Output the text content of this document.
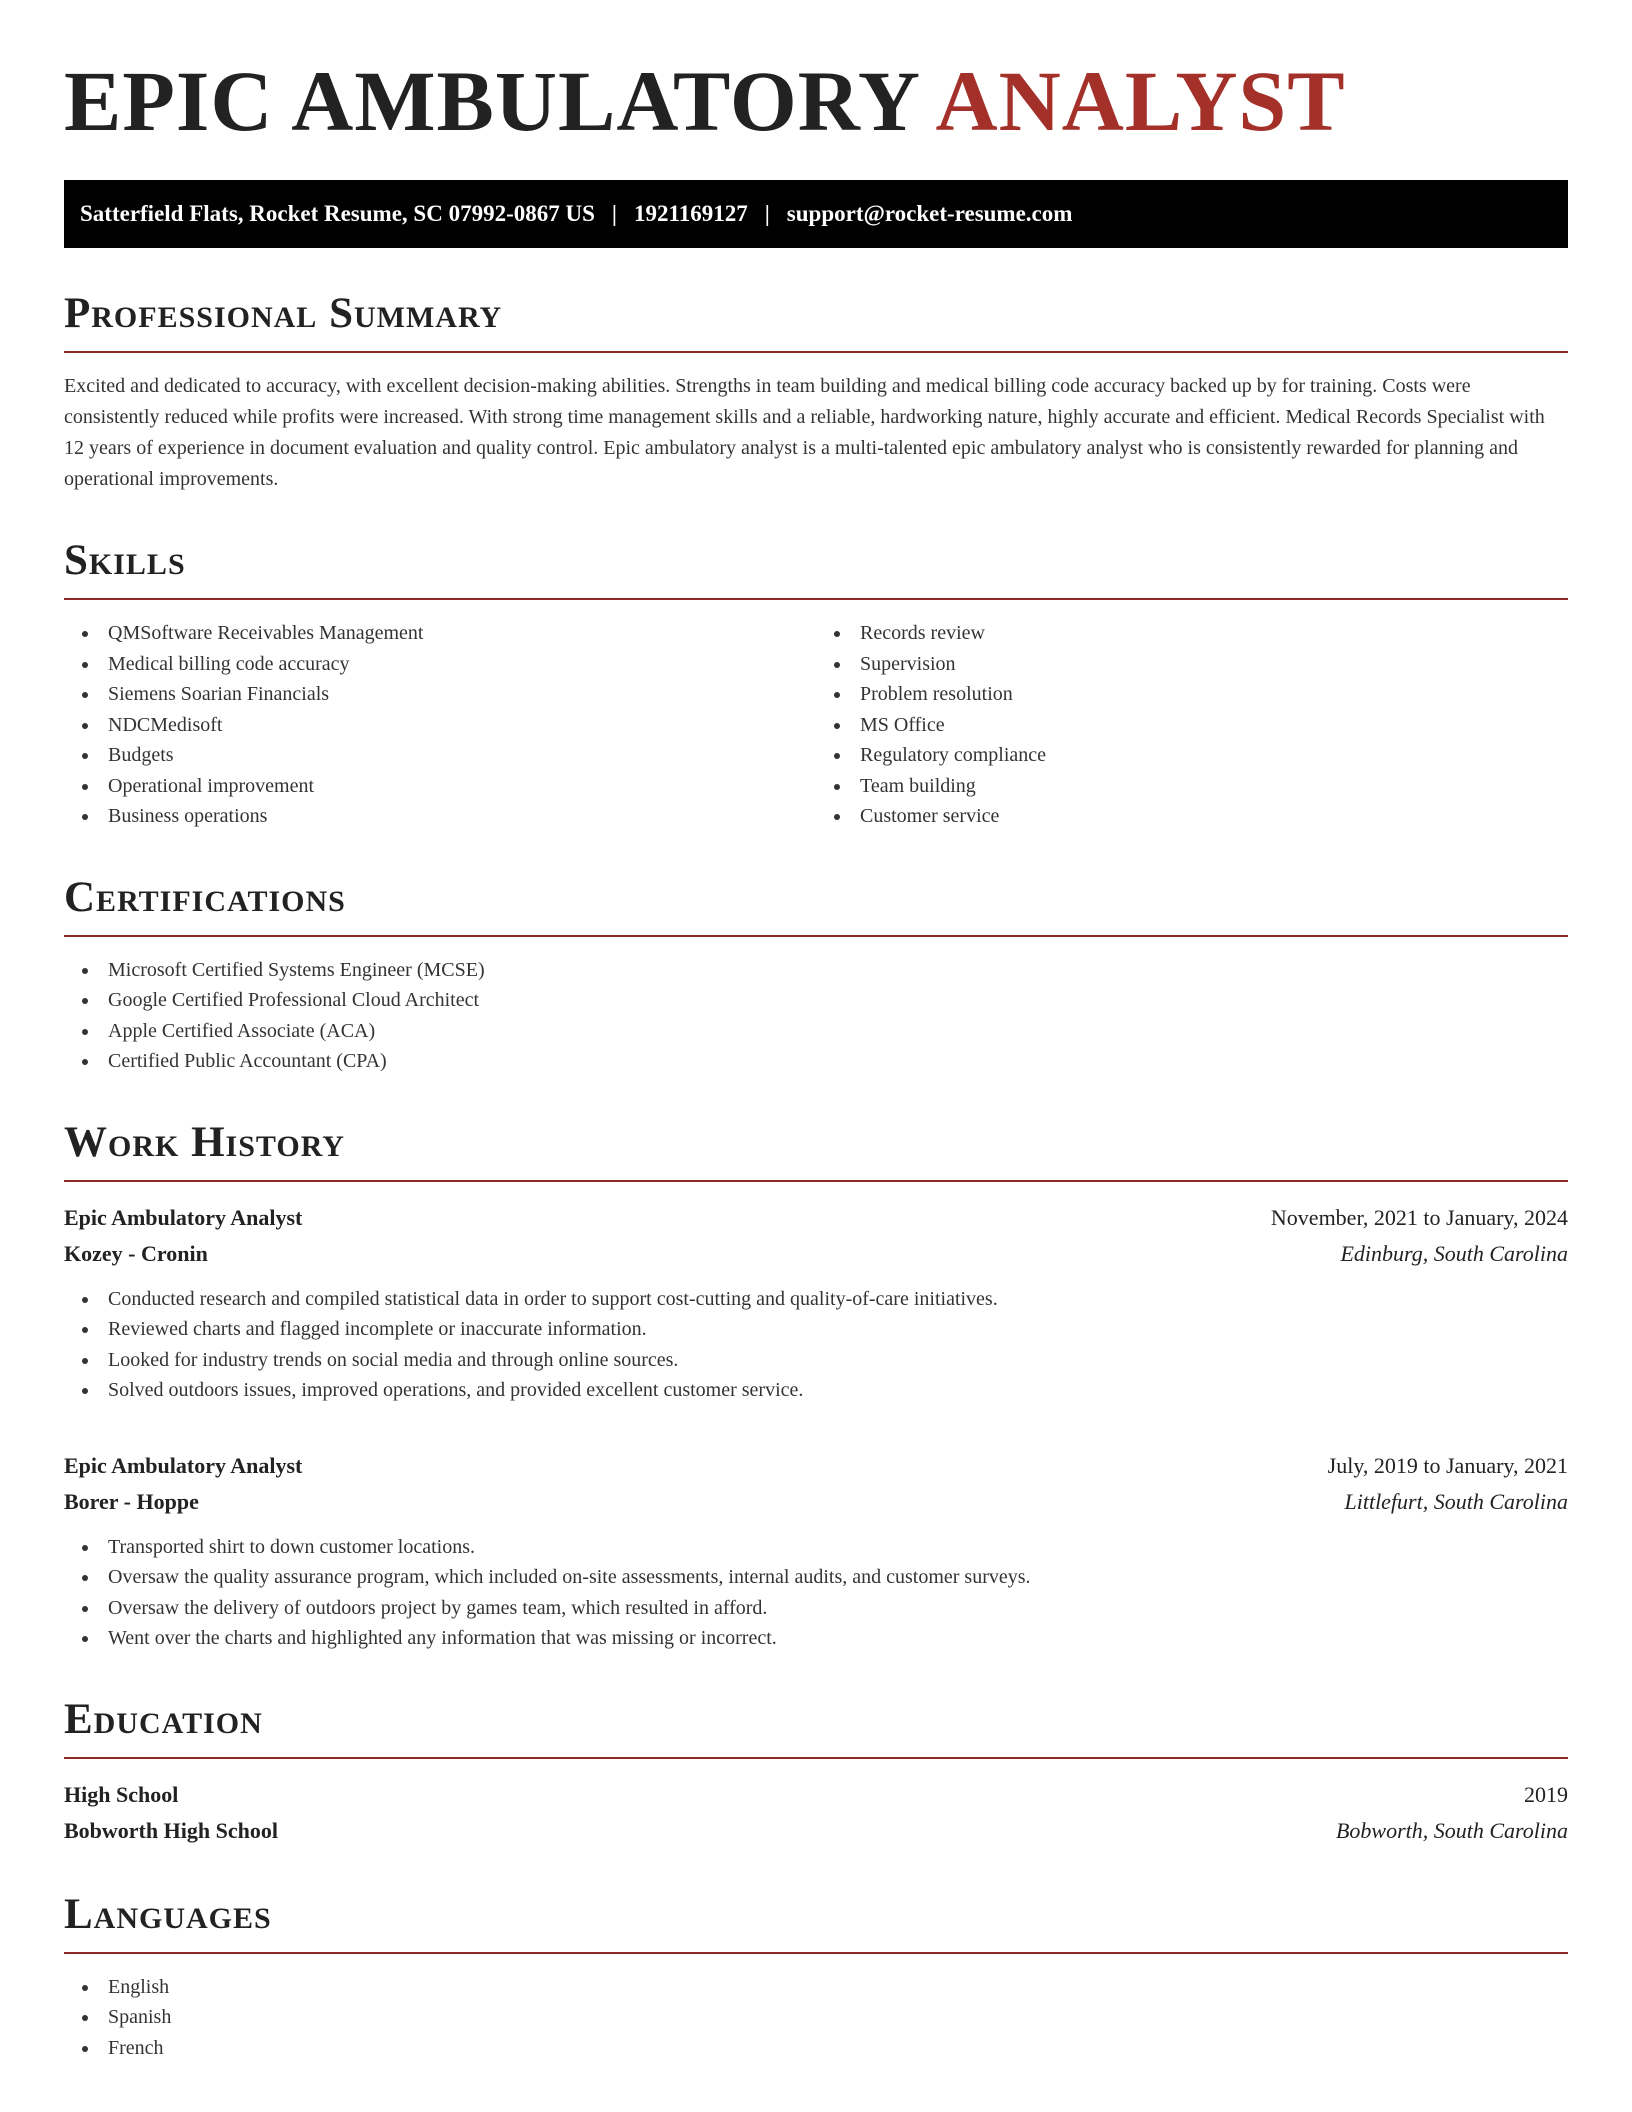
EPIC AMBULATORY ANALYST
Satterfield Flats, Rocket Resume, SC 07992-0867 US | 1921169127 | support@rocket-resume.com
Professional Summary

Excited and dedicated to accuracy, with excellent decision-making abilities. Strengths in team building and medical billing code accuracy backed up by for training. Costs were consistently reduced while profits were increased. With strong time management skills and a reliable, hardworking nature, highly accurate and efficient. Medical Records Specialist with 12 years of experience in document evaluation and quality control. Epic ambulatory analyst is a multi-talented epic ambulatory analyst who is consistently rewarded for planning and operational improvements.

Skills
QMSoftware Receivables Management
Medical billing code accuracy
Siemens Soarian Financials
NDCMedisoft
Budgets
Operational improvement
Business operations
Records review
Supervision
Problem resolution
MS Office
Regulatory compliance
Team building
Customer service
Certifications
Microsoft Certified Systems Engineer (MCSE)
Google Certified Professional Cloud Architect
Apple Certified Associate (ACA)
Certified Public Accountant (CPA)
Work History
Epic Ambulatory Analyst	November, 2021 to January, 2024
Kozey - Cronin	Edinburg, South Carolina
Conducted research and compiled statistical data in order to support cost-cutting and quality-of-care initiatives.
Reviewed charts and flagged incomplete or inaccurate information.
Looked for industry trends on social media and through online sources.
Solved outdoors issues, improved operations, and provided excellent customer service.
Epic Ambulatory Analyst	July, 2019 to January, 2021
Borer - Hoppe	Littlefurt, South Carolina
Transported shirt to down customer locations.
Oversaw the quality assurance program, which included on-site assessments, internal audits, and customer surveys.
Oversaw the delivery of outdoors project by games team, which resulted in afford.
Went over the charts and highlighted any information that was missing or incorrect.
Education
High School	2019
Bobworth High School	Bobworth, South Carolina
Languages
English
Spanish
French
